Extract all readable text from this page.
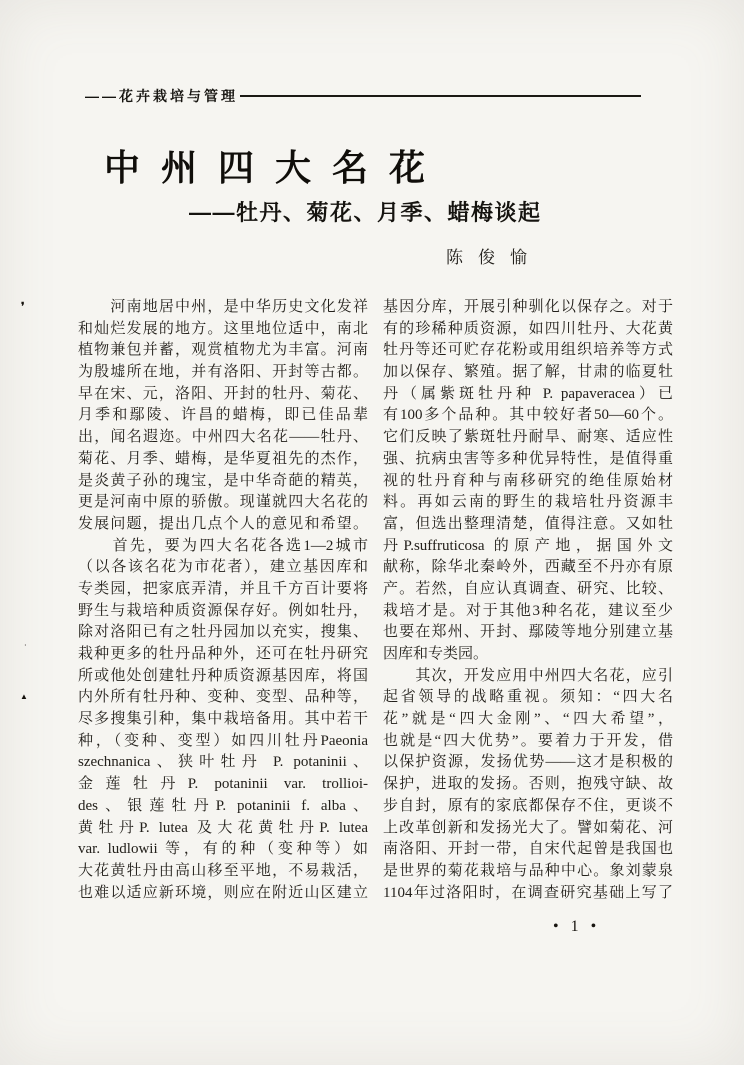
——花卉栽培与管理
中州四大名花
——牡丹、菊花、月季、蜡梅谈起
陈俊愉
　　河南地居中州，是中华历史文化发祥
和灿烂发展的地方。这里地位适中，南北
植物兼包并蓄，观赏植物尤为丰富。河南
为殷墟所在地，并有洛阳、开封等古都。
早在宋、元，洛阳、开封的牡丹、菊花、
月季和鄢陵、许昌的蜡梅，即已佳品辈
出，闻名遐迩。中州四大名花——牡丹、
菊花、月季、蜡梅，是华夏祖先的杰作，
是炎黄子孙的瑰宝，是中华奇葩的精英，
更是河南中原的骄傲。现谨就四大名花的
发展问题，提出几点个人的意见和希望。
　　首先，要为四大名花各选1—2城市
（以各该名花为市花者），建立基因库和
专类园，把家底弄清，并且千方百计要将
野生与栽培种质资源保存好。例如牡丹，
除对洛阳已有之牡丹园加以充实，搜集、
栽种更多的牡丹品种外，还可在牡丹研究
所或他处创建牡丹种质资源基因库，将国
内外所有牡丹种、变种、变型、品种等，
尽多搜集引种，集中栽培备用。其中若干
种，（变种、变型）如四川牡丹Paeonia
szechnanica、狭叶牡丹 P. potaninii、
金莲牡丹P. potaninii var. trollioi-
des、银莲牡丹P. potaninii f. alba、
黄牡丹P. lutea 及大花黄牡丹P. lutea
var. ludlowii 等，有的种（变种等）如
大花黄牡丹由高山移至平地，不易栽活，
也难以适应新环境，则应在附近山区建立
基因分库，开展引种驯化以保存之。对于
有的珍稀种质资源，如四川牡丹、大花黄
牡丹等还可贮存花粉或用组织培养等方式
加以保存、繁殖。据了解，甘肃的临夏牡
丹（属紫斑牡丹种 P. papaveracea）已
有100多个品种。其中较好者50—60个。
它们反映了紫斑牡丹耐旱、耐寒、适应性
强、抗病虫害等多种优异特性，是值得重
视的牡丹育种与南移研究的绝佳原始材
料。再如云南的野生的栽培牡丹资源丰
富，但选出整理清楚，值得注意。又如牡
丹P.suffruticosa 的原产地，据国外文
献称，除华北秦岭外，西藏至不丹亦有原
产。若然，自应认真调查、研究、比较、
栽培才是。对于其他3种名花，建议至少
也要在郑州、开封、鄢陵等地分别建立基
因库和专类园。
　　其次，开发应用中州四大名花，应引
起省领导的战略重视。须知：“四大名
花”就是“四大金刚”、“四大希望”，
也就是“四大优势”。要着力于开发，借
以保护资源，发扬优势——这才是积极的
保护，进取的发扬。否则，抱残守缺、故
步自封，原有的家底都保存不住，更谈不
上改革创新和发扬光大了。譬如菊花、河
南洛阳、开封一带，自宋代起曾是我国也
是世界的菊花栽培与品种中心。象刘蒙泉
1104年过洛阳时，在调查研究基础上写了
• 1 •
❜
·
▲
